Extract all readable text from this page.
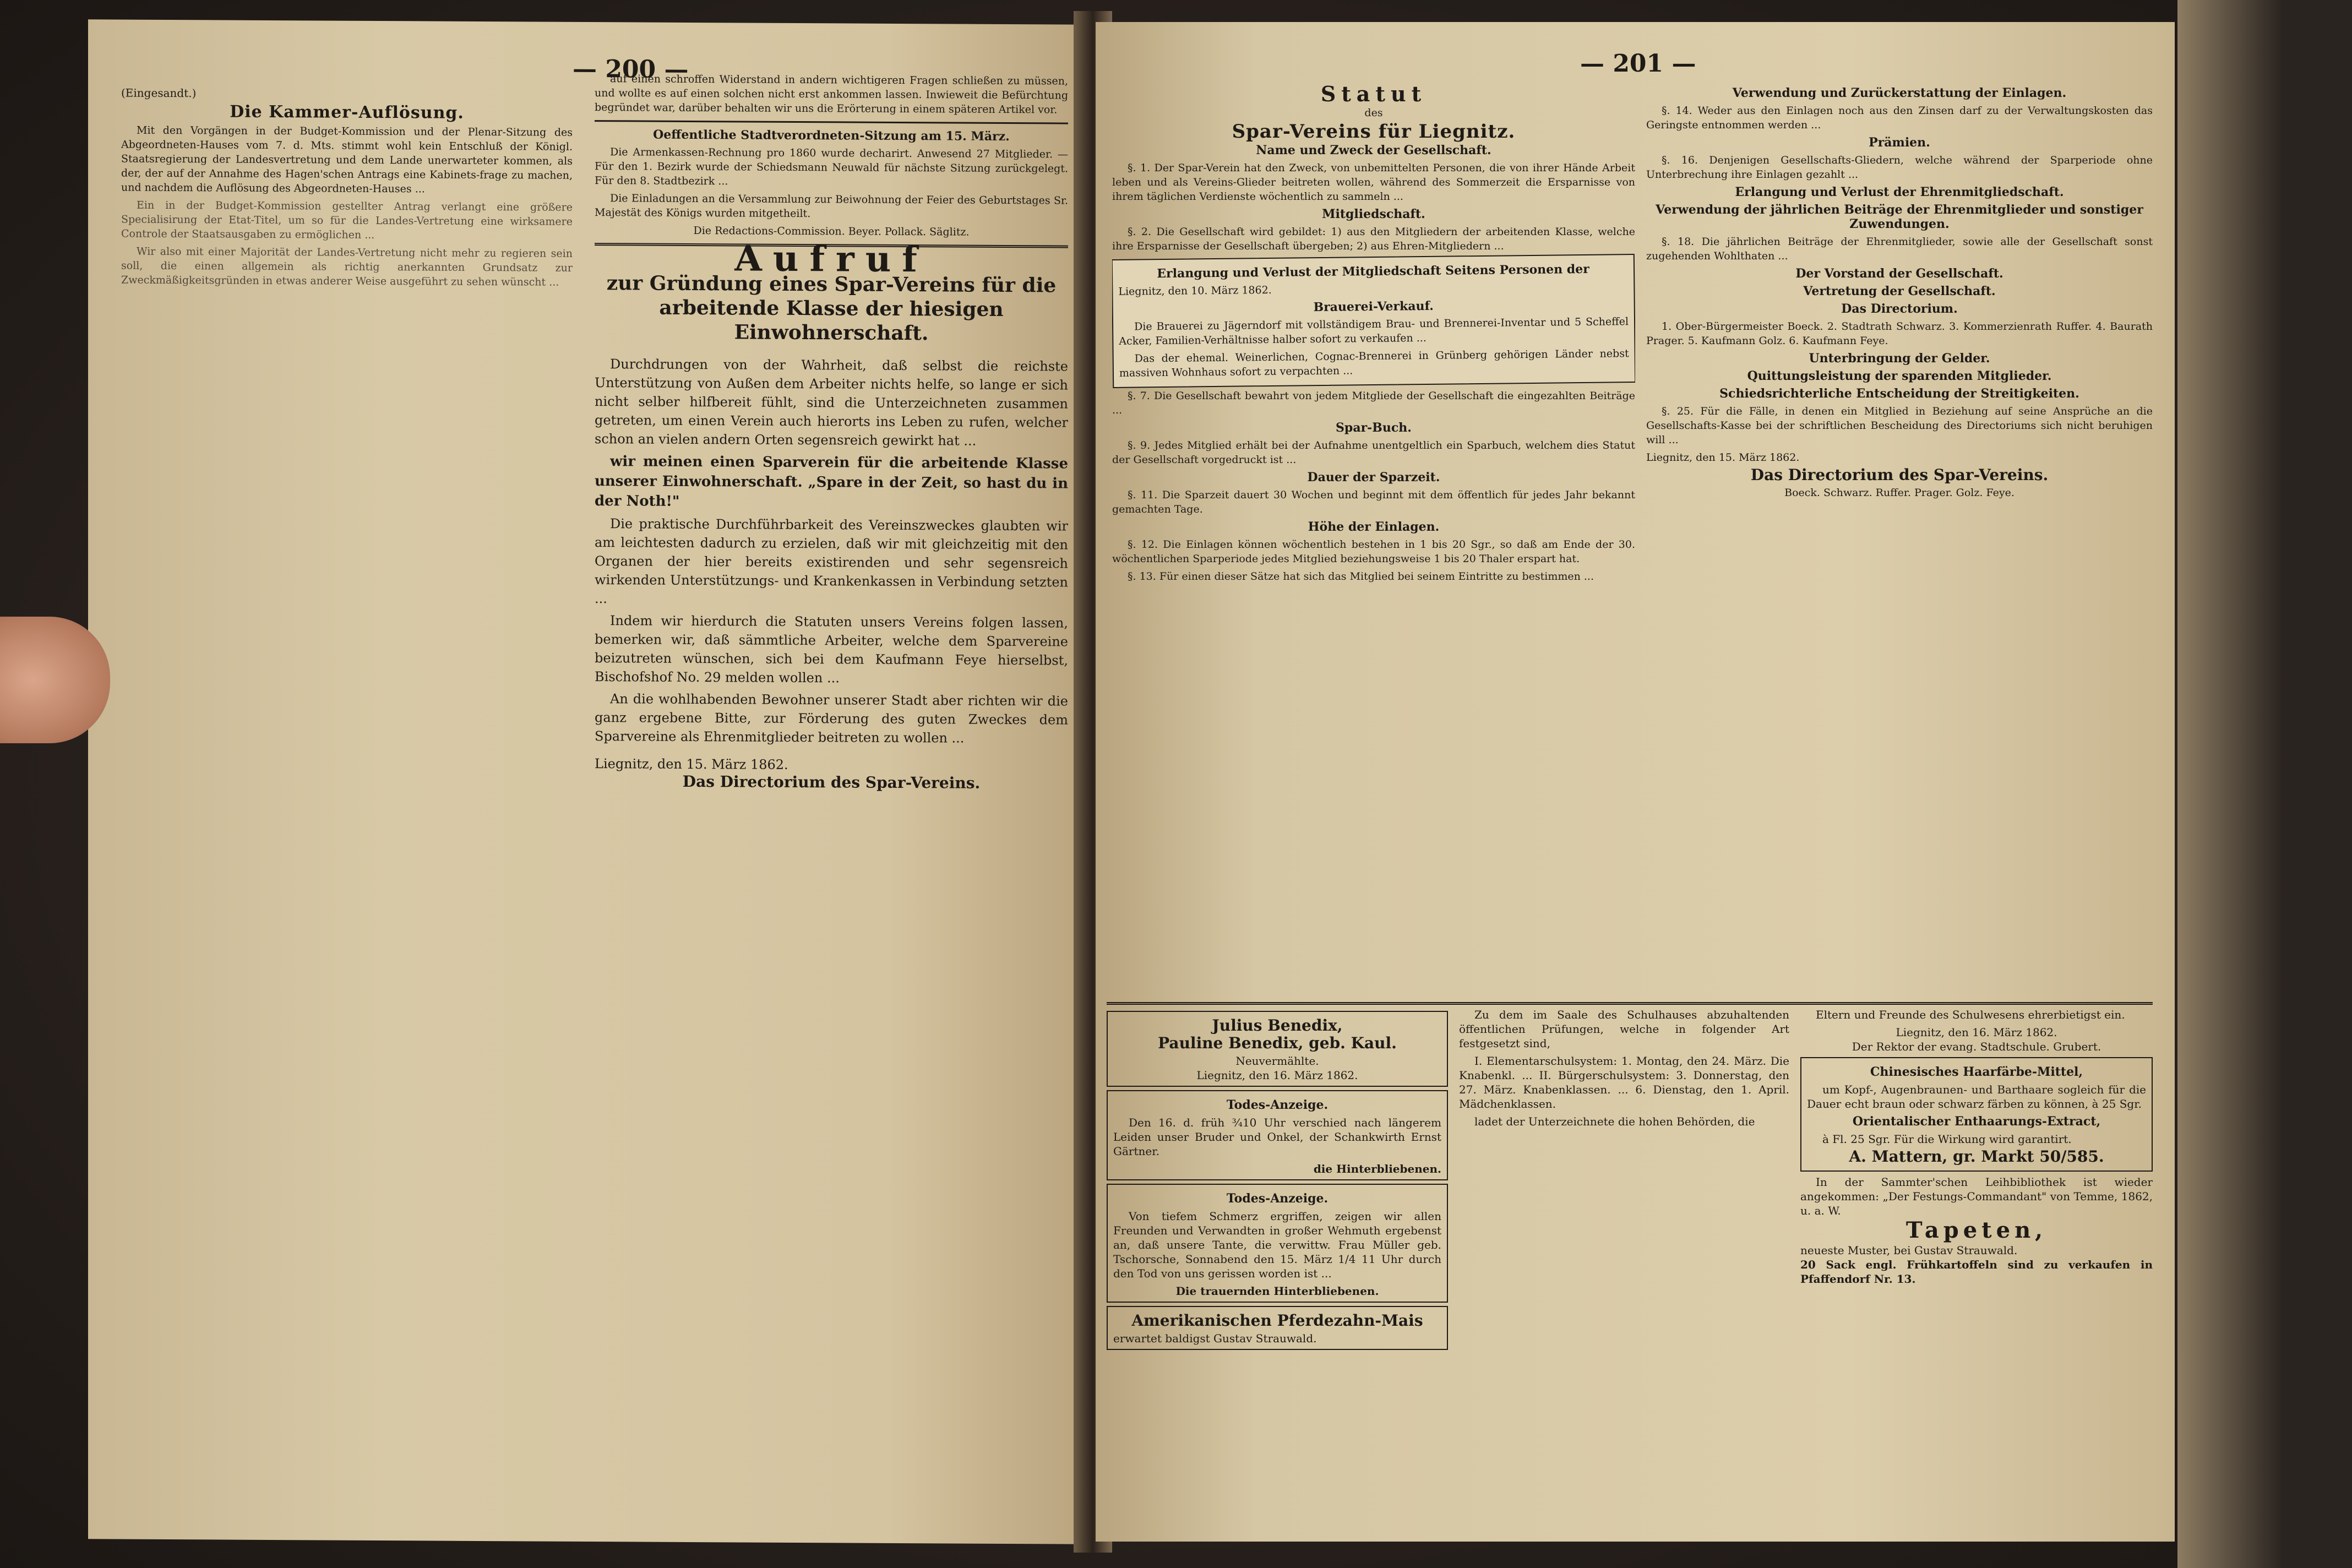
— 200 —
(Eingesandt.)
Die Kammer-Auflösung.

Mit den Vorgängen in der Budget-Kommission und der Plenar-Sitzung des Abgeordneten-Hauses vom 7. d. Mts. stimmt wohl kein Entschluß der Königl. Staatsregierung der Landesvertretung und dem Lande unerwarteter kommen, als der, der auf der Annahme des Hagen'schen Antrags eine Kabinets-frage zu machen, und nachdem die Auflösung des Abgeordneten-Hauses ...

Ein in der Budget-Kommission gestellter Antrag verlangt eine größere Specialisirung der Etat-Titel, um so für die Landes-Vertretung eine wirksamere Controle der Staatsausgaben zu ermöglichen ...

Wir also mit einer Majorität der Landes-Vertretung nicht mehr zu regieren sein soll, die einen allgemein als richtig anerkannten Grundsatz zur Zweckmäßigkeitsgründen in etwas anderer Weise ausgeführt zu sehen wünscht ...

auf einen schroffen Widerstand in andern wichtigeren Fragen schließen zu müssen, und wollte es auf einen solchen nicht erst ankommen lassen. Inwieweit die Befürchtung begründet war, darüber behalten wir uns die Erörterung in einem späteren Artikel vor.

Oeffentliche Stadtverordneten-Sitzung am 15. März.

Die Armenkassen-Rechnung pro 1860 wurde decharirt. Anwesend 27 Mitglieder. — Für den 1. Bezirk wurde der Schiedsmann Neuwald für nächste Sitzung zurückgelegt. Für den 8. Stadtbezirk ...

Die Einladungen an die Versammlung zur Beiwohnung der Feier des Geburtstages Sr. Majestät des Königs wurden mitgetheilt.

Die Redactions-Commission. Beyer. Pollack. Säglitz.
Aufruf
zur Gründung eines Spar-Vereins für die arbeitende Klasse der hiesigen Einwohnerschaft.

Durchdrungen von der Wahrheit, daß selbst die reichste Unterstützung von Außen dem Arbeiter nichts helfe, so lange er sich nicht selber hilfbereit fühlt, sind die Unterzeichneten zusammen getreten, um einen Verein auch hierorts ins Leben zu rufen, welcher schon an vielen andern Orten segensreich gewirkt hat ...

wir meinen einen Sparverein für die arbeitende Klasse unserer Einwohnerschaft. „Spare in der Zeit, so hast du in der Noth!"

Die praktische Durchführbarkeit des Vereinszweckes glaubten wir am leichtesten dadurch zu erzielen, daß wir mit gleichzeitig mit den Organen der hier bereits existirenden und sehr segensreich wirkenden Unterstützungs- und Krankenkassen in Verbindung setzten ...

Indem wir hierdurch die Statuten unsers Vereins folgen lassen, bemerken wir, daß sämmtliche Arbeiter, welche dem Sparvereine beizutreten wünschen, sich bei dem Kaufmann Feye hierselbst, Bischofshof No. 29 melden wollen ...

An die wohlhabenden Bewohner unserer Stadt aber richten wir die ganz ergebene Bitte, zur Förderung des guten Zweckes dem Sparvereine als Ehrenmitglieder beitreten zu wollen ...

Liegnitz, den 15. März 1862.
Das Directorium des Spar-Vereins.
— 201 —
Statut
des
Spar-Vereins für Liegnitz.
Name und Zweck der Gesellschaft.

§. 1. Der Spar-Verein hat den Zweck, von unbemittelten Personen, die von ihrer Hände Arbeit leben und als Vereins-Glieder beitreten wollen, während des Sommerzeit die Ersparnisse von ihrem täglichen Verdienste wöchentlich zu sammeln ...

Mitgliedschaft.

§. 2. Die Gesellschaft wird gebildet: 1) aus den Mitgliedern der arbeitenden Klasse, welche ihre Ersparnisse der Gesellschaft übergeben; 2) aus Ehren-Mitgliedern ...

Erlangung und Verlust der Mitgliedschaft Seitens Personen der
Liegnitz, den 10. März 1862.
Brauerei-Verkauf.

Die Brauerei zu Jägerndorf mit vollständigem Brau- und Brennerei-Inventar und 5 Scheffel Acker, Familien-Verhältnisse halber sofort zu verkaufen ...

Das der ehemal. Weinerlichen, Cognac-Brennerei in Grünberg gehörigen Länder nebst massiven Wohnhaus sofort zu verpachten ...

§. 7. Die Gesellschaft bewahrt von jedem Mitgliede der Gesellschaft die eingezahlten Beiträge ...

Spar-Buch.

§. 9. Jedes Mitglied erhält bei der Aufnahme unentgeltlich ein Sparbuch, welchem dies Statut der Gesellschaft vorgedruckt ist ...

Dauer der Sparzeit.

§. 11. Die Sparzeit dauert 30 Wochen und beginnt mit dem öffentlich für jedes Jahr bekannt gemachten Tage.

Höhe der Einlagen.

§. 12. Die Einlagen können wöchentlich bestehen in 1 bis 20 Sgr., so daß am Ende der 30. wöchentlichen Sparperiode jedes Mitglied beziehungsweise 1 bis 20 Thaler erspart hat.

§. 13. Für einen dieser Sätze hat sich das Mitglied bei seinem Eintritte zu bestimmen ...

Verwendung und Zurückerstattung der Einlagen.

§. 14. Weder aus den Einlagen noch aus den Zinsen darf zu der Verwaltungskosten das Geringste entnommen werden ...

Prämien.

§. 16. Denjenigen Gesellschafts-Gliedern, welche während der Sparperiode ohne Unterbrechung ihre Einlagen gezahlt ...

Erlangung und Verlust der Ehrenmitgliedschaft.
Verwendung der jährlichen Beiträge der Ehrenmitglieder und sonstiger Zuwendungen.

§. 18. Die jährlichen Beiträge der Ehrenmitglieder, sowie alle der Gesellschaft sonst zugehenden Wohlthaten ...

Der Vorstand der Gesellschaft.
Vertretung der Gesellschaft.
Das Directorium.

1. Ober-Bürgermeister Boeck. 2. Stadtrath Schwarz. 3. Kommerzienrath Ruffer. 4. Baurath Prager. 5. Kaufmann Golz. 6. Kaufmann Feye.

Unterbringung der Gelder.
Quittungsleistung der sparenden Mitglieder.
Schiedsrichterliche Entscheidung der Streitigkeiten.

§. 25. Für die Fälle, in denen ein Mitglied in Beziehung auf seine Ansprüche an die Gesellschafts-Kasse bei der schriftlichen Bescheidung des Directoriums sich nicht beruhigen will ...

Liegnitz, den 15. März 1862.
Das Directorium des Spar-Vereins.
Boeck. Schwarz. Ruffer. Prager. Golz. Feye.
Julius Benedix,
Pauline Benedix, geb. Kaul.
Neuvermählte.
Liegnitz, den 16. März 1862.
Todes-Anzeige.

Den 16. d. früh ¾10 Uhr verschied nach längerem Leiden unser Bruder und Onkel, der Schankwirth Ernst Gärtner.

die Hinterbliebenen.
Todes-Anzeige.

Von tiefem Schmerz ergriffen, zeigen wir allen Freunden und Verwandten in großer Wehmuth ergebenst an, daß unsere Tante, die verwittw. Frau Müller geb. Tschorsche, Sonnabend den 15. März 1/4 11 Uhr durch den Tod von uns gerissen worden ist ...

Die trauernden Hinterbliebenen.
Amerikanischen Pferdezahn-Mais
erwartet baldigst Gustav Strauwald.

Zu dem im Saale des Schulhauses abzuhaltenden öffentlichen Prüfungen, welche in folgender Art festgesetzt sind,

I. Elementarschulsystem: 1. Montag, den 24. März. Die Knabenkl. ... II. Bürgerschulsystem: 3. Donnerstag, den 27. März. Knabenklassen. ... 6. Dienstag, den 1. April. Mädchenklassen.

ladet der Unterzeichnete die hohen Behörden, die

Eltern und Freunde des Schulwesens ehrerbietigst ein.

Liegnitz, den 16. März 1862.
Der Rektor der evang. Stadtschule. Grubert.
Chinesisches Haarfärbe-Mittel,

um Kopf-, Augenbraunen- und Barthaare sogleich für die Dauer echt braun oder schwarz färben zu können, à 25 Sgr.

Orientalischer Enthaarungs-Extract,

à Fl. 25 Sgr. Für die Wirkung wird garantirt.

A. Mattern, gr. Markt 50/585.

In der Sammter'schen Leihbibliothek ist wieder angekommen: „Der Festungs-Commandant" von Temme, 1862, u. a. W.

Tapeten,
neueste Muster, bei Gustav Strauwald.
20 Sack engl. Frühkartoffeln sind zu verkaufen in Pfaffendorf Nr. 13.
